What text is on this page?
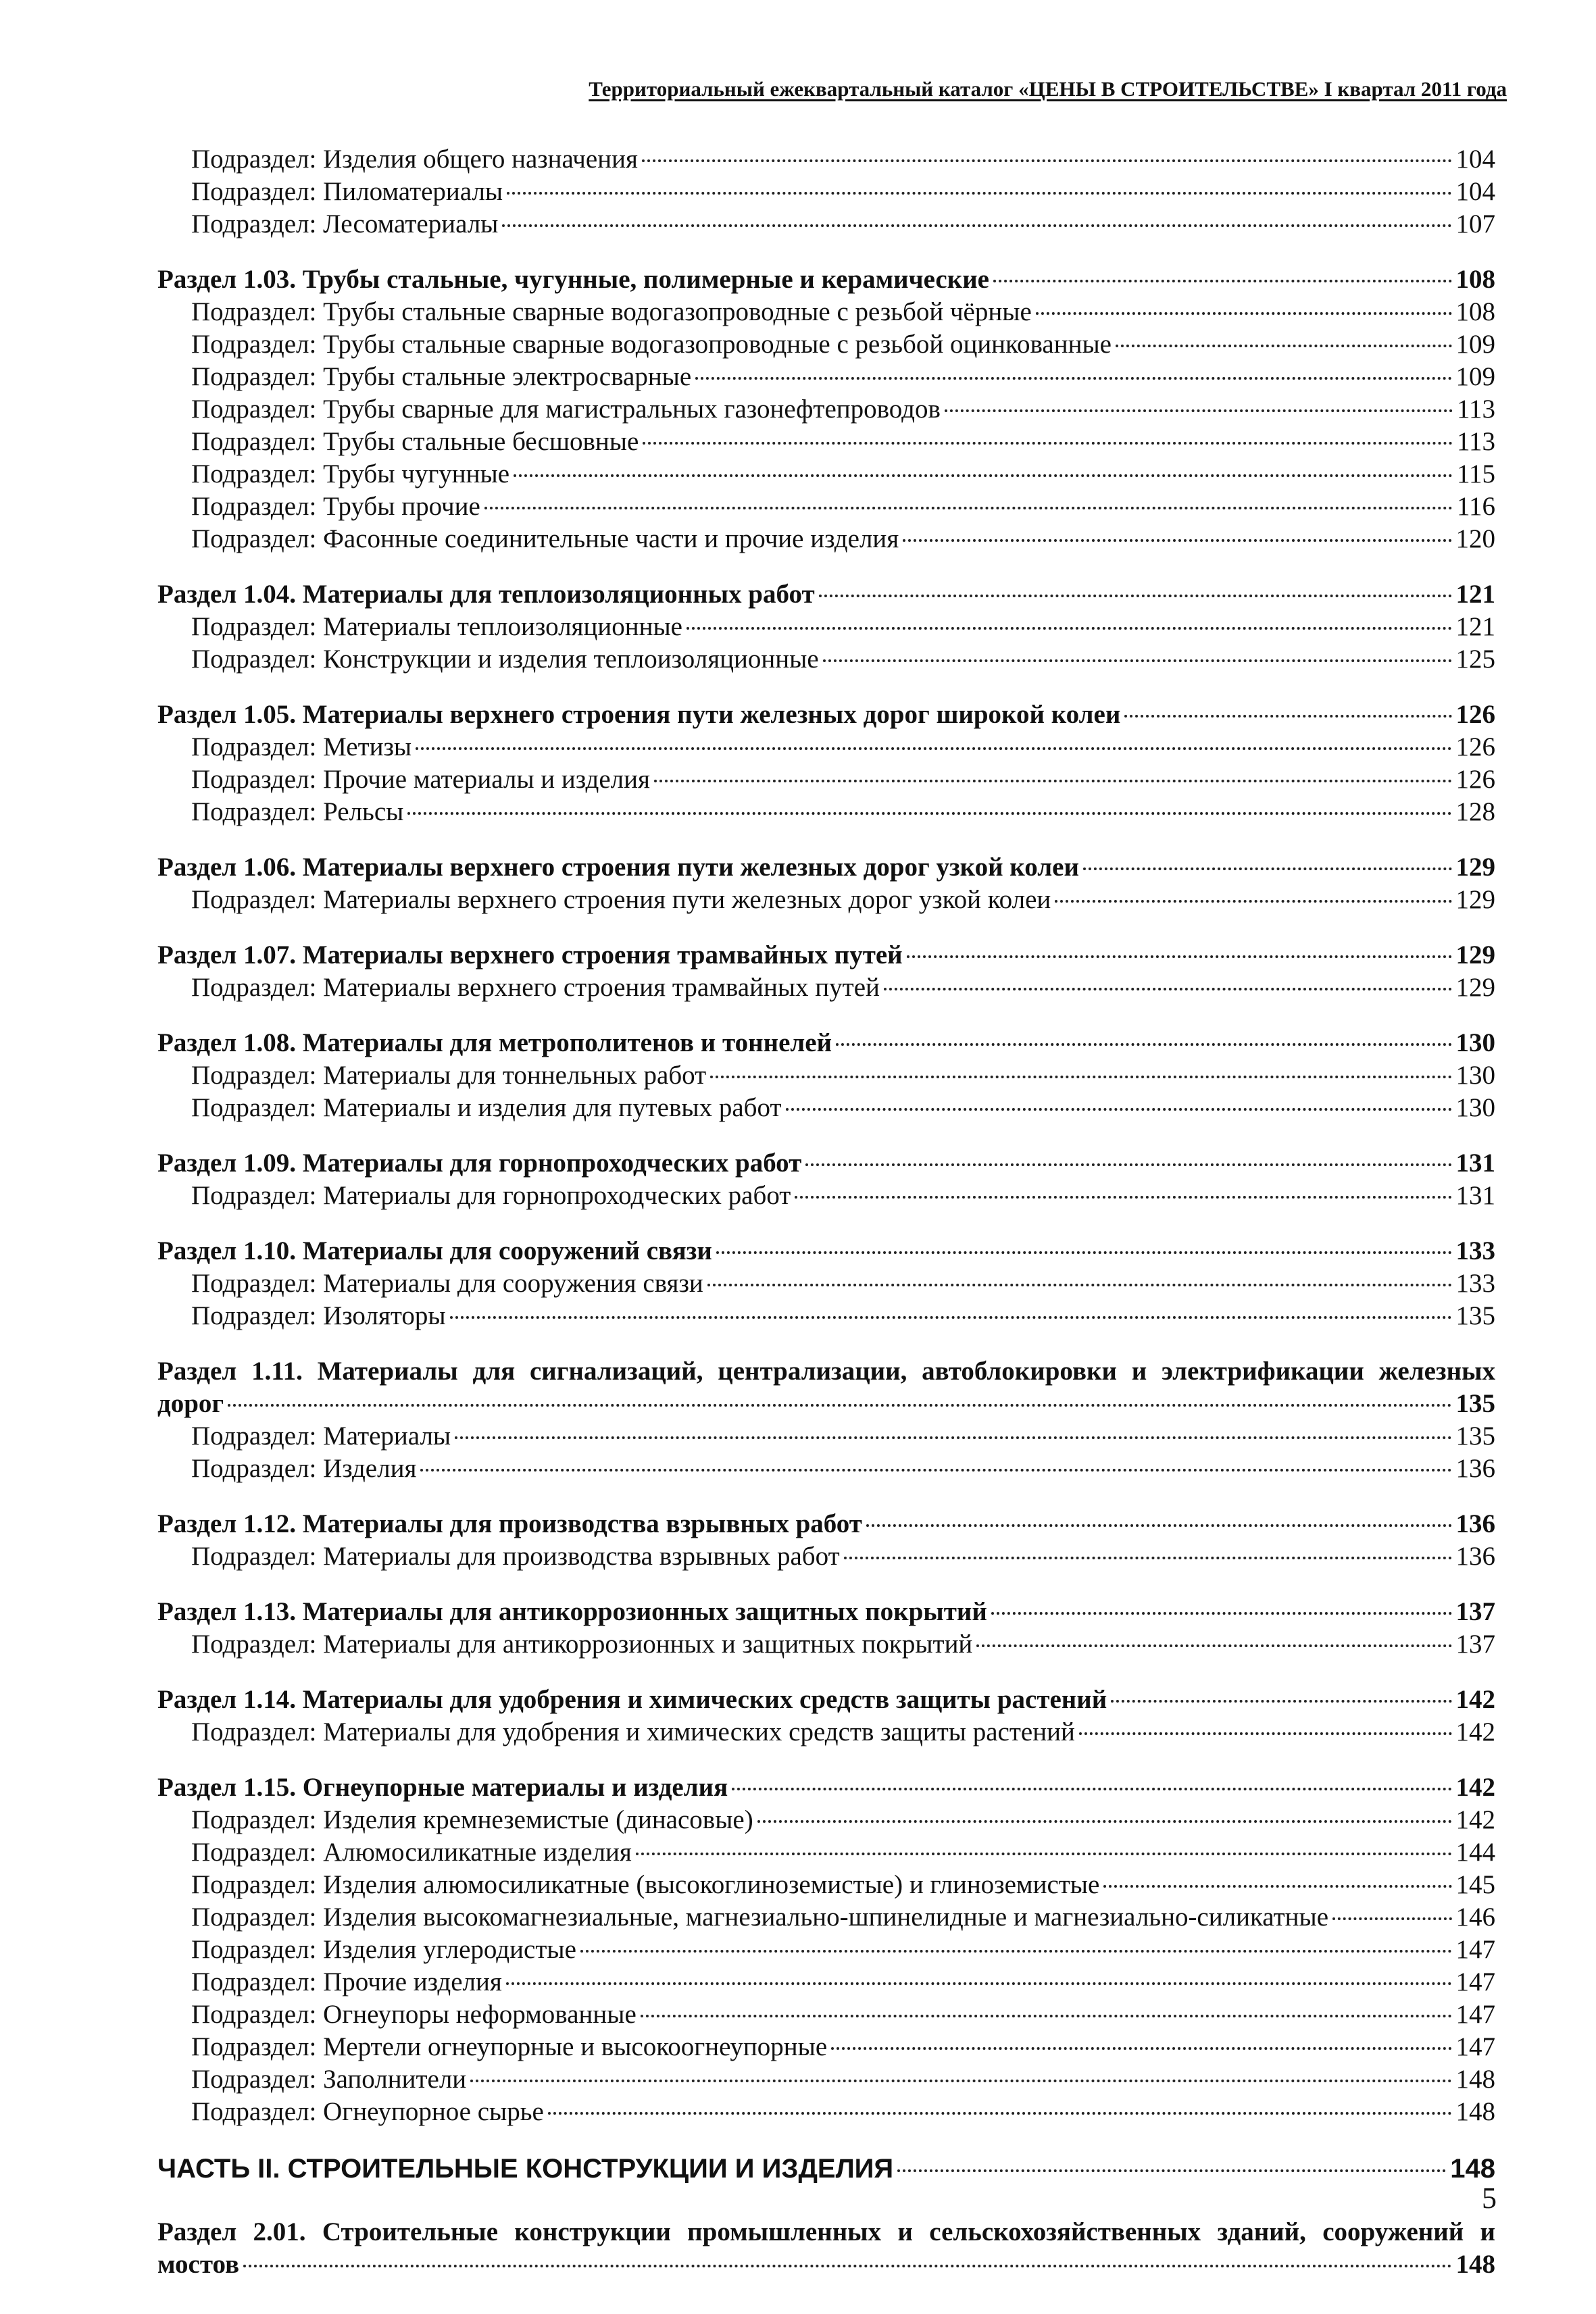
Территориальный ежеквартальный каталог «ЦЕНЫ В СТРОИТЕЛЬСТВЕ» I квартал 2011 года
Подраздел: Изделия общего назначения	104
Подраздел: Пиломатериалы	104
Подраздел: Лесоматериалы	107
Раздел 1.03. Трубы стальные, чугунные, полимерные и керамические	108
Подраздел: Трубы стальные сварные водогазопроводные с резьбой чёрные	108
Подраздел: Трубы стальные сварные водогазопроводные с резьбой оцинкованные	109
Подраздел: Трубы стальные электросварные	109
Подраздел: Трубы сварные для магистральных газонефтепроводов	113
Подраздел: Трубы стальные бесшовные	113
Подраздел: Трубы чугунные	115
Подраздел: Трубы прочие	116
Подраздел: Фасонные соединительные части и прочие изделия	120
Раздел 1.04. Материалы для теплоизоляционных работ	121
Подраздел: Материалы теплоизоляционные	121
Подраздел: Конструкции и изделия теплоизоляционные	125
Раздел 1.05. Материалы верхнего строения пути железных дорог широкой колеи	126
Подраздел: Метизы	126
Подраздел: Прочие материалы и изделия	126
Подраздел: Рельсы	128
Раздел 1.06. Материалы верхнего строения пути железных дорог узкой колеи	129
Подраздел: Материалы верхнего строения пути железных дорог узкой колеи	129
Раздел 1.07. Материалы верхнего строения трамвайных путей	129
Подраздел: Материалы верхнего строения трамвайных путей	129
Раздел 1.08. Материалы для метрополитенов и тоннелей	130
Подраздел: Материалы для тоннельных работ	130
Подраздел: Материалы и изделия для путевых работ	130
Раздел 1.09. Материалы для горнопроходческих работ	131
Подраздел: Материалы для горнопроходческих работ	131
Раздел 1.10. Материалы для сооружений связи	133
Подраздел: Материалы для сооружения связи	133
Подраздел: Изоляторы	135
Раздел 1.11. Материалы для сигнализаций, централизации, автоблокировки и электрификации железных
дорог	135
Подраздел: Материалы	135
Подраздел: Изделия	136
Раздел 1.12. Материалы для производства взрывных работ	136
Подраздел: Материалы для производства взрывных работ	136
Раздел 1.13. Материалы для антикоррозионных защитных покрытий	137
Подраздел: Материалы для антикоррозионных и защитных покрытий	137
Раздел 1.14. Материалы для удобрения и химических средств защиты растений	142
Подраздел: Материалы для удобрения и химических средств защиты растений	142
Раздел 1.15. Огнеупорные материалы и изделия	142
Подраздел: Изделия кремнеземистые (динасовые)	142
Подраздел: Алюмосиликатные изделия	144
Подраздел: Изделия алюмосиликатные (высокоглиноземистые) и глиноземистые	145
Подраздел: Изделия высокомагнезиальные, магнезиально-шпинелидные и магнезиально-силикатные	146
Подраздел: Изделия углеродистые	147
Подраздел: Прочие изделия	147
Подраздел: Огнеупоры неформованные	147
Подраздел: Мертели огнеупорные и высокоогнеупорные	147
Подраздел: Заполнители	148
Подраздел: Огнеупорное сырье	148
ЧАСТЬ II. СТРОИТЕЛЬНЫЕ КОНСТРУКЦИИ И ИЗДЕЛИЯ	148
Раздел 2.01. Строительные конструкции промышленных и сельскохозяйственных зданий, сооружений и
мостов	148
5
